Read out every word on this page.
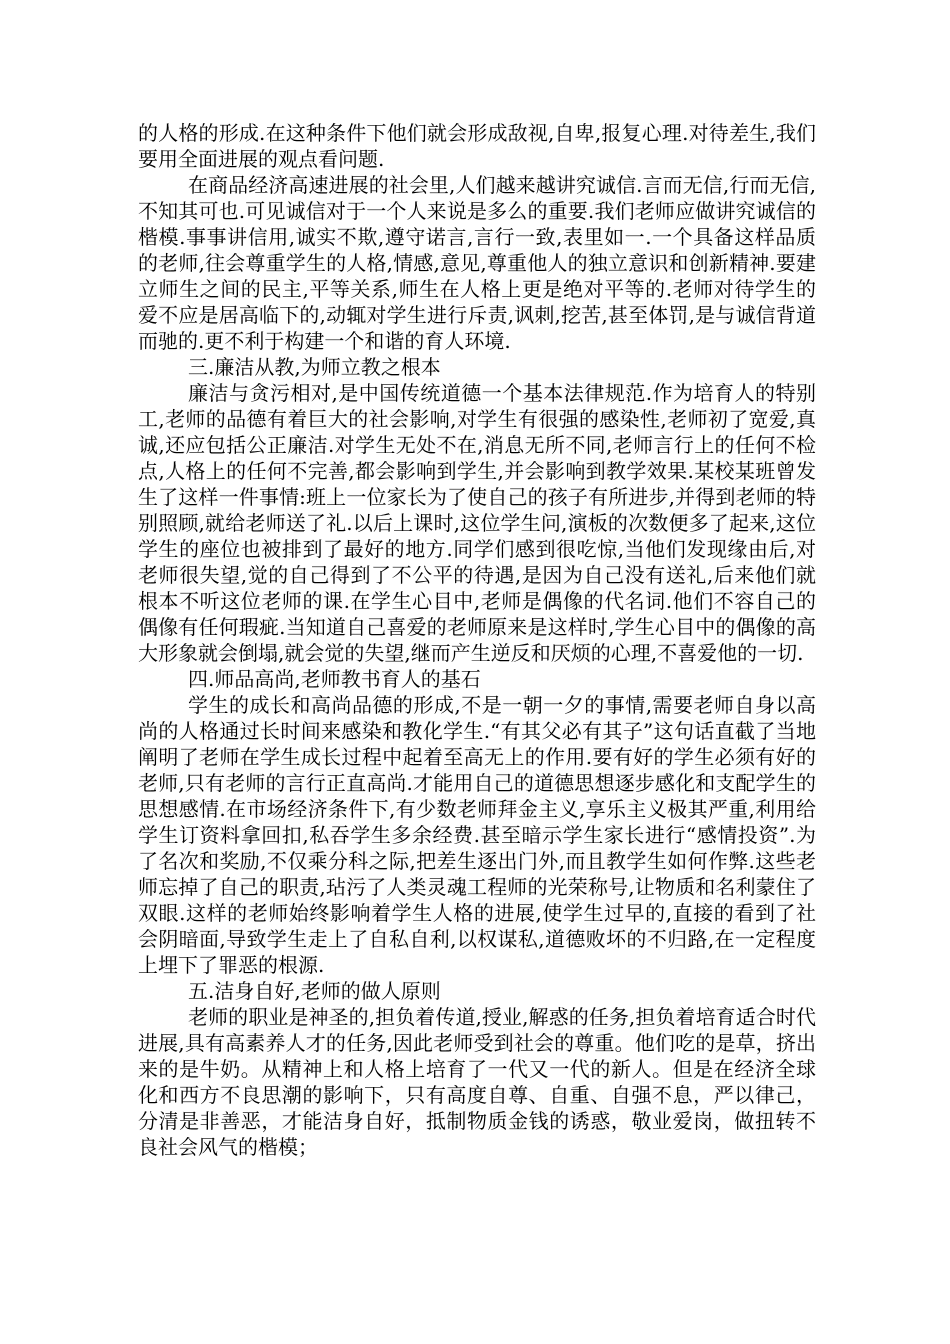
的人格的形成.在这种条件下他们就会形成敌视,自卑,报复心理.对待差生,我们要用全面进展的观点看问题.

在商品经济高速进展的社会里,人们越来越讲究诚信.言而无信,行而无信,不知其可也.可见诚信对于一个人来说是多么的重要.我们老师应做讲究诚信的楷模.事事讲信用,诚实不欺,遵守诺言,言行一致,表里如一.一个具备这样品质的老师,往会尊重学生的人格,情感,意见,尊重他人的独立意识和创新精神.要建立师生之间的民主,平等关系,师生在人格上更是绝对平等的.老师对待学生的爱不应是居高临下的,动辄对学生进行斥责,讽刺,挖苦,甚至体罚,是与诚信背道而驰的.更不利于构建一个和谐的育人环境.

三.廉洁从教,为师立教之根本

廉洁与贪污相对,是中国传统道德一个基本法律规范.作为培育人的特别工,老师的品德有着巨大的社会影响,对学生有很强的感染性,老师初了宽爱,真诚,还应包括公正廉洁.对学生无处不在,消息无所不同,老师言行上的任何不检点,人格上的任何不完善,都会影响到学生,并会影响到教学效果.某校某班曾发生了这样一件事情:班上一位家长为了使自己的孩子有所进步,并得到老师的特别照顾,就给老师送了礼.以后上课时,这位学生问,演板的次数便多了起来,这位学生的座位也被排到了最好的地方.同学们感到很吃惊,当他们发现缘由后,对老师很失望,觉的自己得到了不公平的待遇,是因为自己没有送礼,后来他们就根本不听这位老师的课.在学生心目中,老师是偶像的代名词.他们不容自己的偶像有任何瑕疵.当知道自己喜爱的老师原来是这样时,学生心目中的偶像的高大形象就会倒塌,就会觉的失望,继而产生逆反和厌烦的心理,不喜爱他的一切.

四.师品高尚,老师教书育人的基石

学生的成长和高尚品德的形成,不是一朝一夕的事情,需要老师自身以高尚的人格通过长时间来感染和教化学生.“有其父必有其子”这句话直截了当地阐明了老师在学生成长过程中起着至高无上的作用.要有好的学生必须有好的老师,只有老师的言行正直高尚.才能用自己的道德思想逐步感化和支配学生的思想感情.在市场经济条件下,有少数老师拜金主义,享乐主义极其严重,利用给学生订资料拿回扣,私吞学生多余经费.甚至暗示学生家长进行“感情投资”.为了名次和奖励,不仅乘分科之际,把差生逐出门外,而且教学生如何作弊.这些老师忘掉了自己的职责,玷污了人类灵魂工程师的光荣称号,让物质和名利蒙住了双眼.这样的老师始终影响着学生人格的进展,使学生过早的,直接的看到了社会阴暗面,导致学生走上了自私自利,以权谋私,道德败坏的不归路,在一定程度上埋下了罪恶的根源.

五.洁身自好,老师的做人原则

老师的职业是神圣的,担负着传道,授业,解惑的任务,担负着培育适合时代进展,具有高素养人才的任务,因此老师受到社会的尊重。他们吃的是草，挤出来的是牛奶。从精神上和人格上培育了一代又一代的新人。但是在经济全球化和西方不良思潮的影响下，只有高度自尊、自重、自强不息，严以律己，分清是非善恶，才能洁身自好，抵制物质金钱的诱惑，敬业爱岗，做扭转不良社会风气的楷模；
